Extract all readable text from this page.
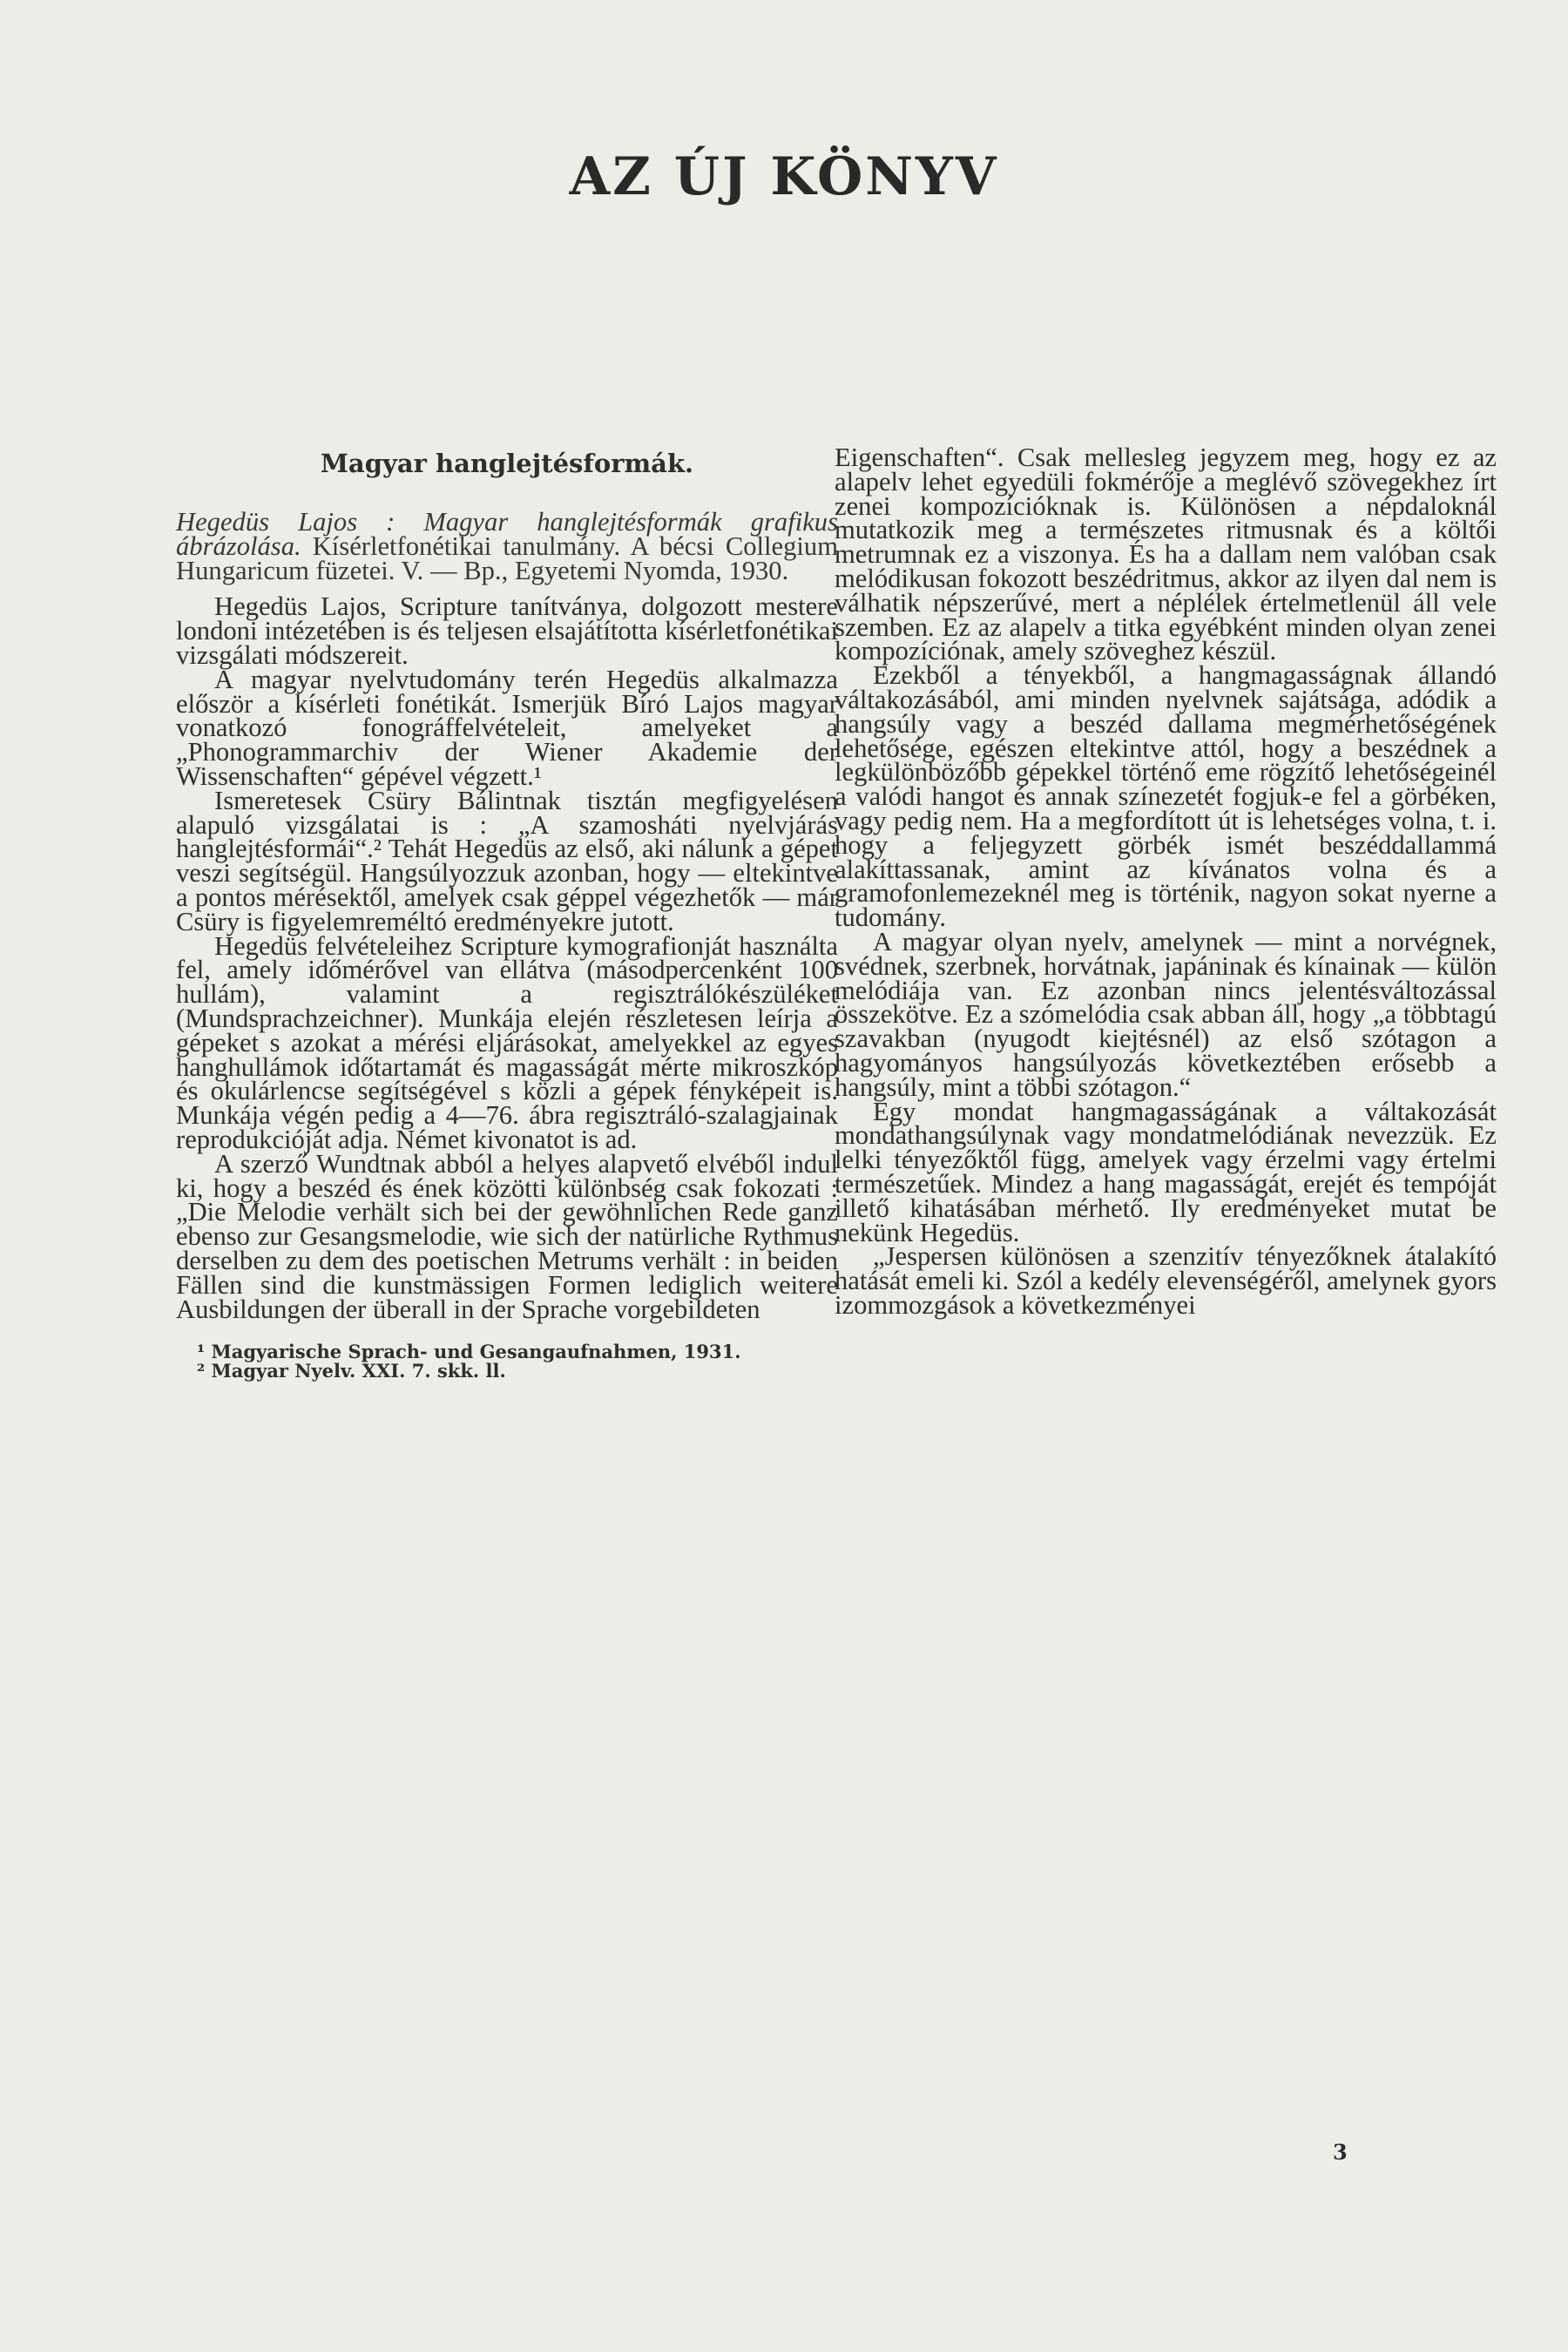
AZ ÚJ KÖNYV
Magyar hanglejtésformák.

Hegedüs Lajos : Magyar hanglejtésformák grafikus ábrázolása. Kísérletfonétikai tanulmány. A bécsi Collegium Hungaricum füzetei. V. — Bp., Egyetemi Nyomda, 1930.

Hegedüs Lajos, Scripture tanítványa, dolgozott mestere londoni intézetében is és teljesen elsajátította kísérletfonétikai vizsgálati módszereit.

A magyar nyelvtudomány terén Hegedüs alkalmazza először a kísérleti fonétikát. Ismerjük Bíró Lajos magyar vonatkozó fonográffelvételeit, amelyeket a „Phonogrammarchiv der Wiener Akademie der Wissenschaften“ gépével végzett.¹

Ismeretesek Csüry Bálintnak tisztán megfigyelésen alapuló vizsgálatai is : „A szamosháti nyelvjárás hanglejtésformái“.² Tehát Hegedüs az első, aki nálunk a gépet veszi segítségül. Hangsúlyozzuk azonban, hogy — eltekintve a pontos mérésektől, amelyek csak géppel végezhetők — már Csüry is figyelemreméltó eredményekre jutott.

Hegedüs felvételeihez Scripture kymografionját használta fel, amely időmérővel van ellátva (másodpercenként 100 hullám), valamint a regisztrálókészüléket (Mundsprachzeichner). Munkája elején részletesen leírja a gépeket s azokat a mérési eljárásokat, amelyekkel az egyes hanghullámok időtartamát és magasságát mérte mikroszkóp és okulárlencse segítségével s közli a gépek fényképeit is. Munkája végén pedig a 4—76. ábra regisztráló-szalagjainak reprodukcióját adja. Német kivonatot is ad.

A szerző Wundtnak abból a helyes alapvető elvéből indul ki, hogy a beszéd és ének közötti különbség csak fokozati : „Die Melodie verhält sich bei der gewöhnlichen Rede ganz ebenso zur Gesangsmelodie, wie sich der natürliche Rythmus derselben zu dem des poetischen Metrums verhält : in beiden Fällen sind die kunstmässigen Formen lediglich weitere Ausbildungen der überall in der Sprache vorgebildeten

¹ Magyarische Sprach- und Gesangaufnahmen, 1931.
² Magyar Nyelv. XXI. 7. skk. ll.

Eigenschaften“. Csak mellesleg jegyzem meg, hogy ez az alapelv lehet egyedüli fokmérője a meglévő szövegekhez írt zenei kompozícióknak is. Különösen a népdaloknál mutatkozik meg a természetes ritmusnak és a költői metrumnak ez a viszonya. És ha a dallam nem valóban csak melódikusan fokozott beszédritmus, akkor az ilyen dal nem is válhatik népszerűvé, mert a néplélek értelmetlenül áll vele szemben. Ez az alapelv a titka egyébként minden olyan zenei kompozíciónak, amely szöveghez készül.

Ezekből a tényekből, a hangmagasságnak állandó váltakozásából, ami minden nyelvnek sajátsága, adódik a hangsúly vagy a beszéd dallama megmérhetőségének lehetősége, egészen eltekintve attól, hogy a beszédnek a legkülönbözőbb gépekkel történő eme rögzítő lehetőségeinél a valódi hangot és annak színezetét fogjuk-e fel a görbéken, vagy pedig nem. Ha a megfordított út is lehetséges volna, t. i. hogy a feljegyzett görbék ismét beszéddallammá alakíttassanak, amint az kívánatos volna és a gramofonlemezeknél meg is történik, nagyon sokat nyerne a tudomány.

A magyar olyan nyelv, amelynek — mint a norvégnek, svédnek, szerbnek, horvátnak, japáninak és kínainak — külön melódiája van. Ez azonban nincs jelentésváltozással összekötve. Ez a szómelódia csak abban áll, hogy „a többtagú szavakban (nyugodt kiejtésnél) az első szótagon a hagyományos hangsúlyozás következtében erősebb a hangsúly, mint a többi szótagon.“

Egy mondat hangmagasságának a váltakozását mondathangsúlynak vagy mondatmelódiának nevezzük. Ez lelki tényezőktől függ, amelyek vagy érzelmi vagy értelmi természetűek. Mindez a hang magasságát, erejét és tempóját illető kihatásában mérhető. Ily eredményeket mutat be nekünk Hegedüs.

„Jespersen különösen a szenzitív tényezőknek átalakító hatását emeli ki. Szól a kedély elevenségéről, amelynek gyors izommozgások a következményei

3
